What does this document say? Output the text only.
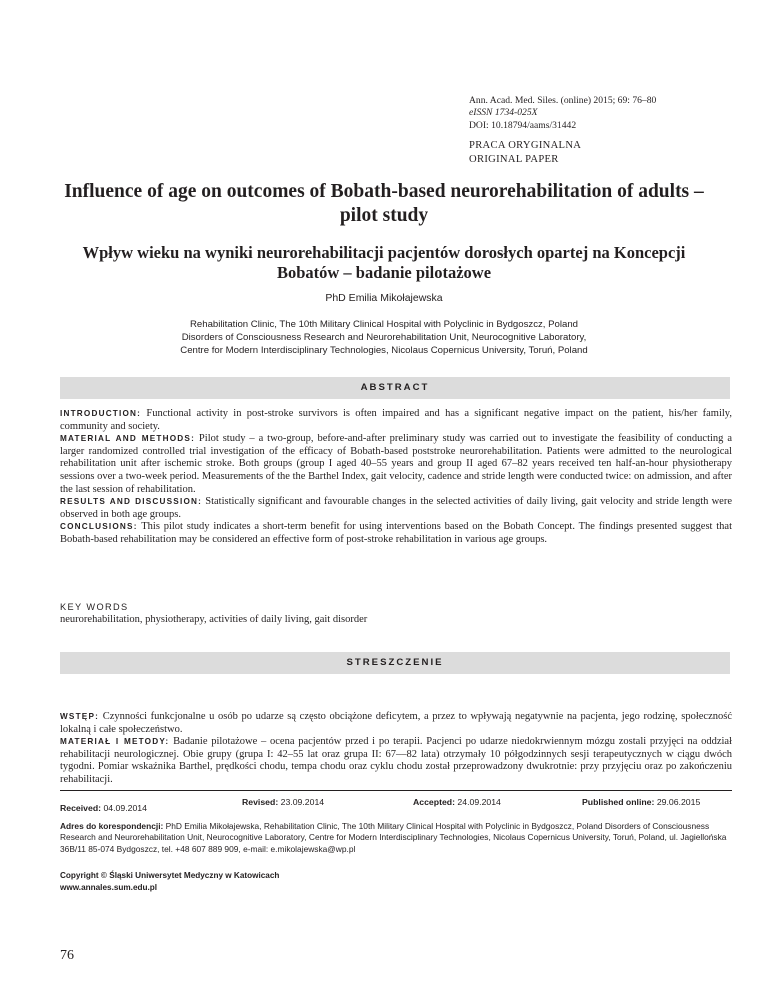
Ann. Acad. Med. Siles. (online) 2015; 69: 76–80
eISSN 1734-025X
DOI: 10.18794/aams/31442
PRACA ORYGINALNA
ORIGINAL PAPER
Influence of age on outcomes of Bobath-based neurorehabilitation of adults – pilot study
Wpływ wieku na wyniki neurorehabilitacji pacjentów dorosłych opartej na Koncepcji Bobatów – badanie pilotażowe
PhD Emilia Mikołajewska
Rehabilitation Clinic, The 10th Military Clinical Hospital with Polyclinic in Bydgoszcz, Poland
Disorders of Consciousness Research and Neurorehabilitation Unit, Neurocognitive Laboratory,
Centre for Modern Interdisciplinary Technologies, Nicolaus Copernicus University, Toruń, Poland
ABSTRACT

INTRODUCTION: Functional activity in post-stroke survivors is often impaired and has a significant negative impact on the patient, his/her family, community and society.

MATERIAL AND METHODS: Pilot study – a two-group, before-and-after preliminary study was carried out to investigate the feasibility of conducting a larger randomized controlled trial investigation of the efficacy of Bobath-based poststroke neurorehabilitation. Patients were admitted to the neurological rehabilitation unit after ischemic stroke. Both groups (group I aged 40–55 years and group II aged 67–82 years received ten half-an-hour physiotherapy sessions over a two-week period. Measurements of the the Barthel Index, gait velocity, cadence and stride length were conducted twice: on admission, and after the last session of rehabilitation.

RESULTS AND DISCUSSION: Statistically significant and favourable changes in the selected activities of daily living, gait velocity and stride length were observed in both age groups.

CONCLUSIONS: This pilot study indicates a short-term benefit for using interventions based on the Bobath Concept. The findings presented suggest that Bobath-based rehabilitation may be considered an effective form of post-stroke rehabilitation in various age groups.

KEY WORDS
neurorehabilitation, physiotherapy, activities of daily living, gait disorder
STRESZCZENIE

WSTĘP: Czynności funkcjonalne u osób po udarze są często obciążone deficytem, a przez to wpływają negatywnie na pacjenta, jego rodzinę, społeczność lokalną i całe społeczeństwo.

MATERIAŁ I METODY: Badanie pilotażowe – ocena pacjentów przed i po terapii. Pacjenci po udarze niedokrwiennym mózgu zostali przyjęci na oddział rehabilitacji neurologicznej. Obie grupy (grupa I: 42–55 lat oraz grupa II: 67––82 lata) otrzymały 10 półgodzinnych sesji terapeutycznych w ciągu dwóch tygodni. Pomiar wskaźnika Barthel, prędkości chodu, tempa chodu oraz cyklu chodu został przeprowadzony dwukrotnie: przy przyjęciu oraz po zakończeniu rehabilitacji.

Received: 04.09.2014
Revised: 23.09.2014	Accepted: 24.09.2014	Published online: 29.06.2015
Adres do korespondencji: PhD Emilia Mikołajewska, Rehabilitation Clinic, The 10th Military Clinical Hospital with Polyclinic in Bydgoszcz, Poland Disorders of Consciousness Research and Neurorehabilitation Unit, Neurocognitive Laboratory, Centre for Modern Interdisciplinary Technologies, Nicolaus Copernicus University, Toruń, Poland, ul. Jagiellońska 36B/11 85-074 Bydgoszcz, tel. +48 607 889 909, e-mail: e.mikolajewska@wp.pl
Copyright © Śląski Uniwersytet Medyczny w Katowicach
www.annales.sum.edu.pl
76
